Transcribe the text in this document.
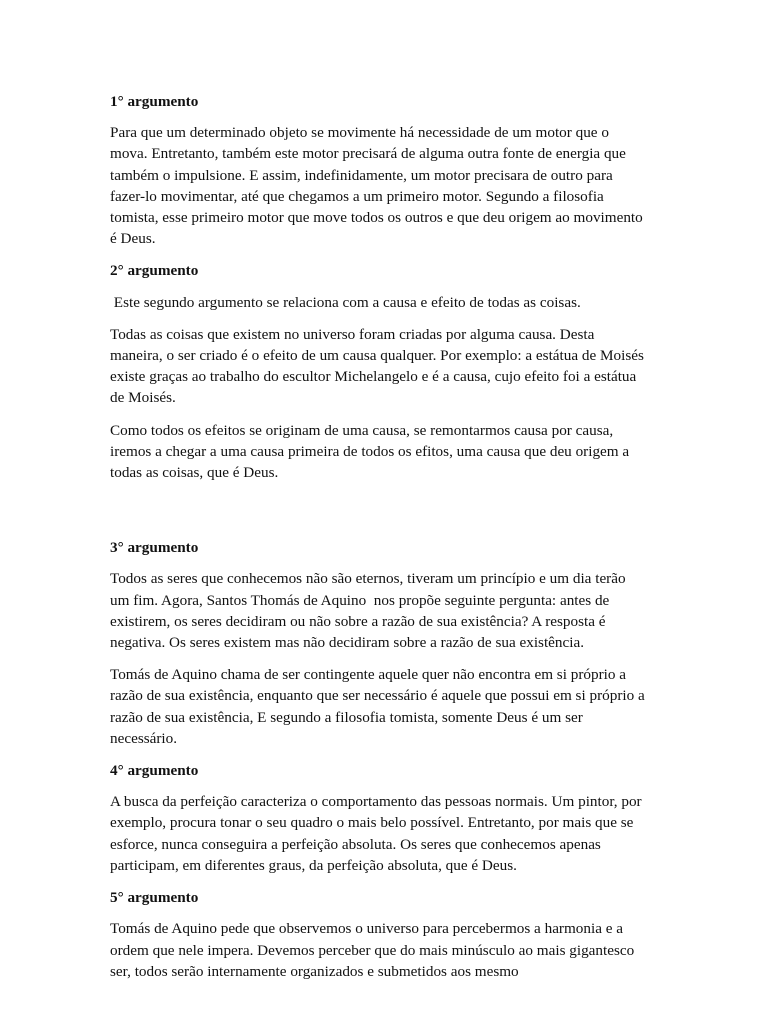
1° argumento

Para que um determinado objeto se movimente há necessidade de um motor que o
mova. Entretanto, também este motor precisará de alguma outra fonte de energia que
também o impulsione. E assim, indefinidamente, um motor precisara de outro para
fazer-lo movimentar, até que chegamos a um primeiro motor. Segundo a filosofia
tomista, esse primeiro motor que move todos os outros e que deu origem ao movimento
é Deus.

2° argumento

Este segundo argumento se relaciona com a causa e efeito de todas as coisas.

Todas as coisas que existem no universo foram criadas por alguma causa. Desta
maneira, o ser criado é o efeito de um causa qualquer. Por exemplo: a estátua de Moisés
existe graças ao trabalho do escultor Michelangelo e é a causa, cujo efeito foi a estátua
de Moisés.

Como todos os efeitos se originam de uma causa, se remontarmos causa por causa,
iremos a chegar a uma causa primeira de todos os efitos, uma causa que deu origem a
todas as coisas, que é Deus.

3° argumento

Todos as seres que conhecemos não são eternos, tiveram um princípio e um dia terão
um fim. Agora, Santos Thomás de Aquino  nos propõe seguinte pergunta: antes de
existirem, os seres decidiram ou não sobre a razão de sua existência? A resposta é
negativa. Os seres existem mas não decidiram sobre a razão de sua existência.

Tomás de Aquino chama de ser contingente aquele quer não encontra em si próprio a
razão de sua existência, enquanto que ser necessário é aquele que possui em si próprio a
razão de sua existência, E segundo a filosofia tomista, somente Deus é um ser
necessário.

4° argumento

A busca da perfeição caracteriza o comportamento das pessoas normais. Um pintor, por
exemplo, procura tonar o seu quadro o mais belo possível. Entretanto, por mais que se
esforce, nunca conseguira a perfeição absoluta. Os seres que conhecemos apenas
participam, em diferentes graus, da perfeição absoluta, que é Deus.

5° argumento

Tomás de Aquino pede que observemos o universo para percebermos a harmonia e a
ordem que nele impera. Devemos perceber que do mais minúsculo ao mais gigantesco
ser, todos serão internamente organizados e submetidos aos mesmo
